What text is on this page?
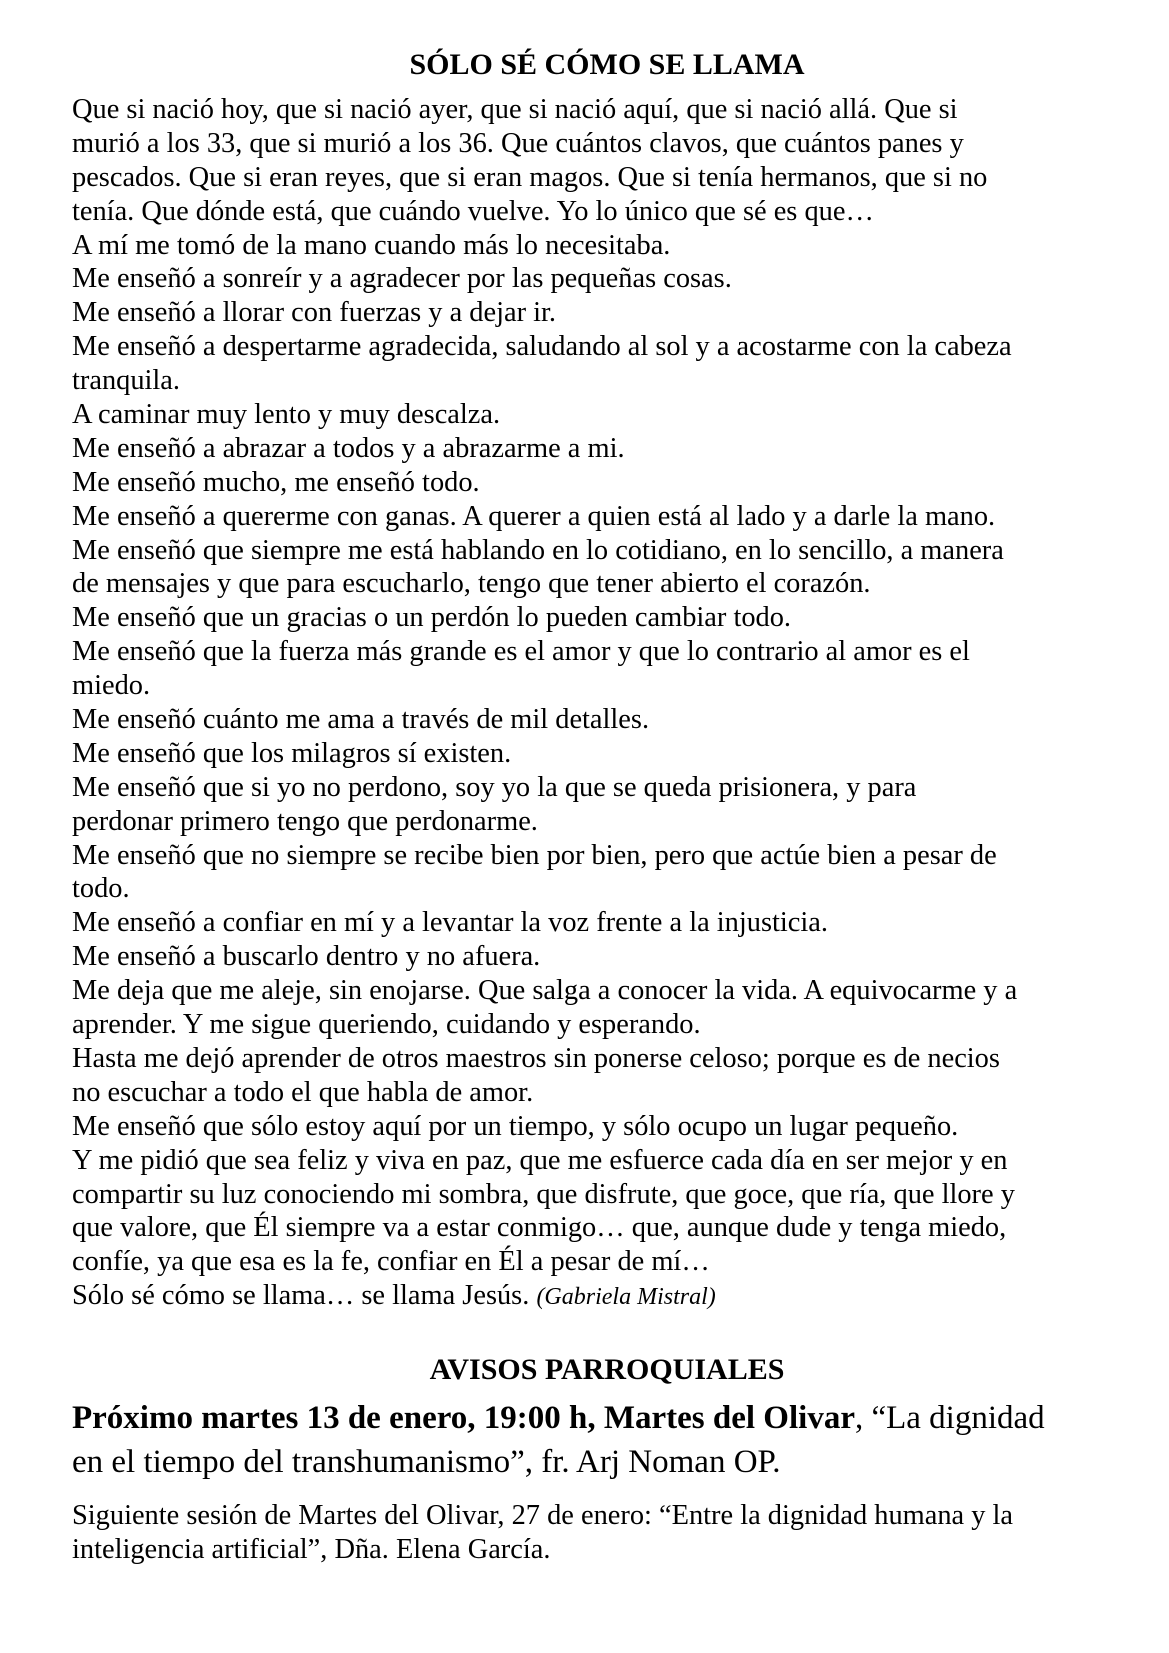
SÓLO SÉ CÓMO SE LLAMA
Que si nació hoy, que si nació ayer, que si nació aquí, que si nació allá. Que si
murió a los 33, que si murió a los 36. Que cuántos clavos, que cuántos panes y
pescados. Que si eran reyes, que si eran magos. Que si tenía hermanos, que si no
tenía. Que dónde está, que cuándo vuelve. Yo lo único que sé es que…
A mí me tomó de la mano cuando más lo necesitaba.
Me enseñó a sonreír y a agradecer por las pequeñas cosas.
Me enseñó a llorar con fuerzas y a dejar ir.
Me enseñó a despertarme agradecida, saludando al sol y a acostarme con la cabeza
tranquila.
A caminar muy lento y muy descalza.
Me enseñó a abrazar a todos y a abrazarme a mi.
Me enseñó mucho, me enseñó todo.
Me enseñó a quererme con ganas. A querer a quien está al lado y a darle la mano.
Me enseñó que siempre me está hablando en lo cotidiano, en lo sencillo, a manera
de mensajes y que para escucharlo, tengo que tener abierto el corazón.
Me enseñó que un gracias o un perdón lo pueden cambiar todo.
Me enseñó que la fuerza más grande es el amor y que lo contrario al amor es el
miedo.
Me enseñó cuánto me ama a través de mil detalles.
Me enseñó que los milagros sí existen.
Me enseñó que si yo no perdono, soy yo la que se queda prisionera, y para
perdonar primero tengo que perdonarme.
Me enseñó que no siempre se recibe bien por bien, pero que actúe bien a pesar de
todo.
Me enseñó a confiar en mí y a levantar la voz frente a la injusticia.
Me enseñó a buscarlo dentro y no afuera.
Me deja que me aleje, sin enojarse. Que salga a conocer la vida. A equivocarme y a
aprender. Y me sigue queriendo, cuidando y esperando.
Hasta me dejó aprender de otros maestros sin ponerse celoso; porque es de necios
no escuchar a todo el que habla de amor.
Me enseñó que sólo estoy aquí por un tiempo, y sólo ocupo un lugar pequeño.
Y me pidió que sea feliz y viva en paz, que me esfuerce cada día en ser mejor y en
compartir su luz conociendo mi sombra, que disfrute, que goce, que ría, que llore y
que valore, que Él siempre va a estar conmigo… que, aunque dude y tenga miedo,
confíe, ya que esa es la fe, confiar en Él a pesar de mí…
Sólo sé cómo se llama… se llama Jesús. (Gabriela Mistral)
AVISOS PARROQUIALES
Próximo martes 13 de enero, 19:00 h, Martes del Olivar, “La dignidad
en el tiempo del transhumanismo”, fr. Arj Noman OP.
Siguiente sesión de Martes del Olivar, 27 de enero: “Entre la dignidad humana y la
inteligencia artificial”, Dña. Elena García.
